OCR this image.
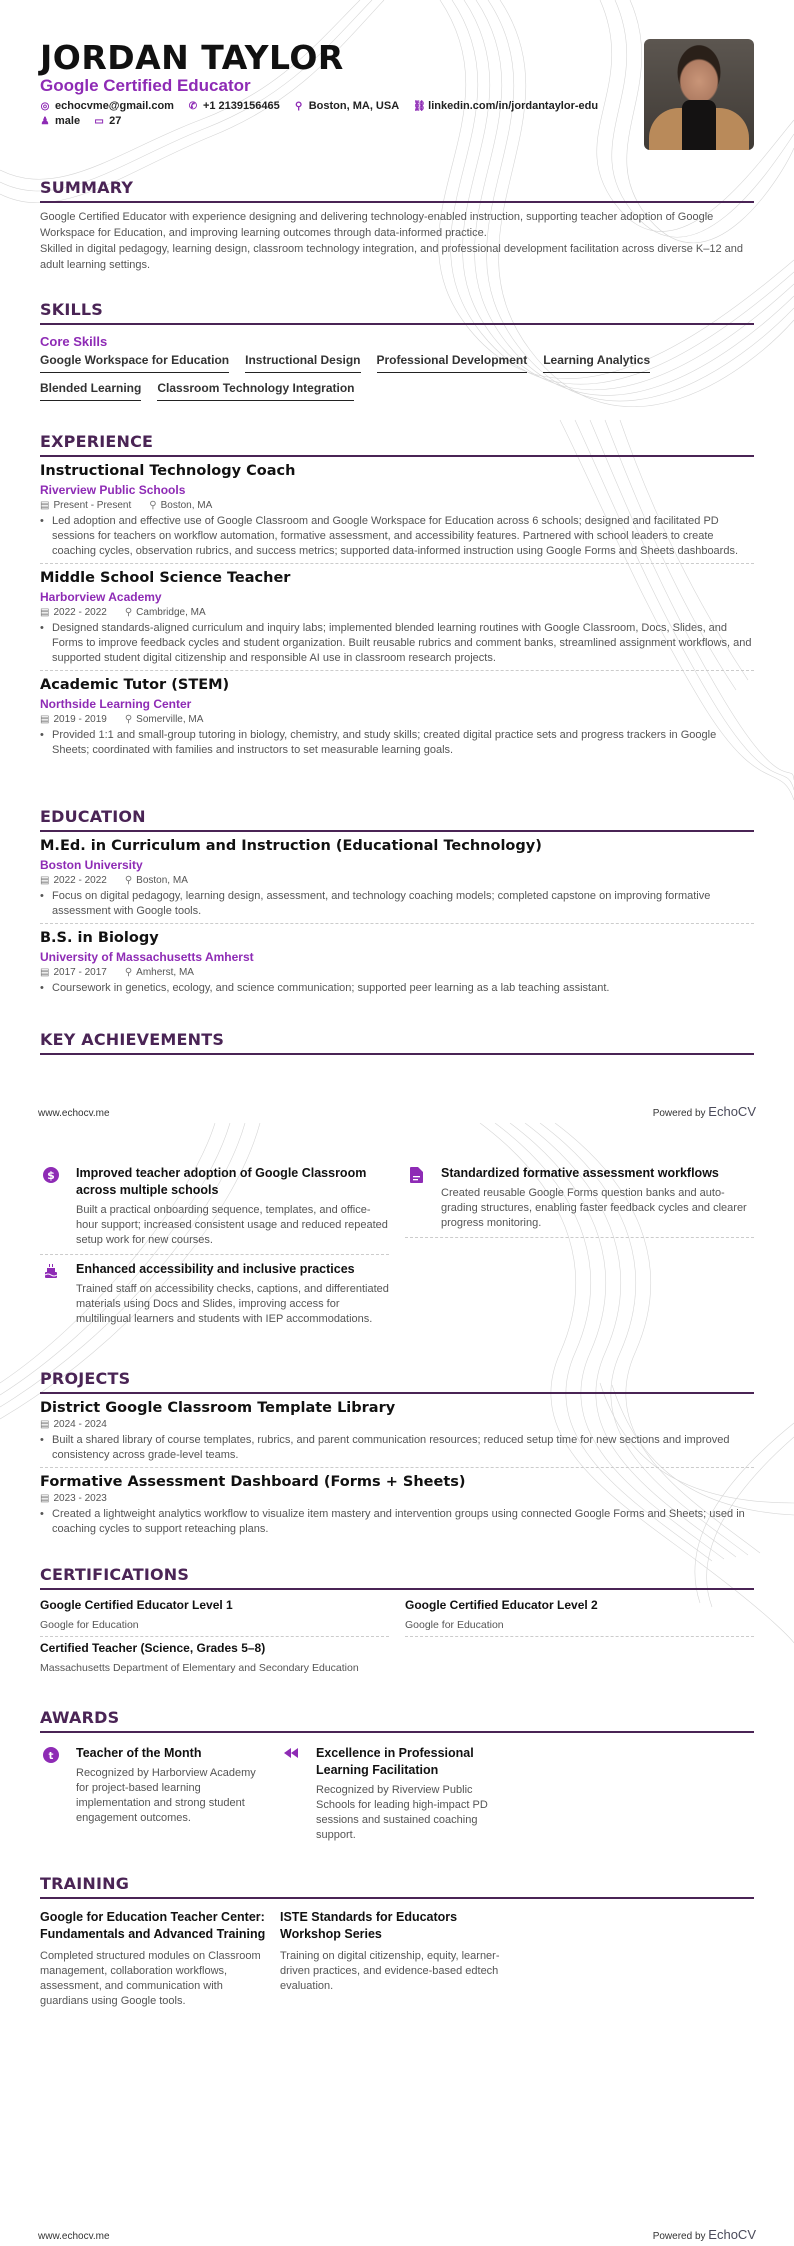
JORDAN TAYLOR
Google Certified Educator
◎ echocvme@gmail.com ✆ +1 2139156465 ⚲ Boston, MA, USA ⛓ linkedin.com/in/jordantaylor-edu
♟ male ▭ 27
SUMMARY

Google Certified Educator with experience designing and delivering technology-enabled instruction, supporting teacher adoption of Google Workspace for Education, and improving learning outcomes through data-informed practice.

Skilled in digital pedagogy, learning design, classroom technology integration, and professional development facilitation across diverse K–12 and adult learning settings.

SKILLS
Core Skills
Google Workspace for Education Instructional Design Professional Development Learning Analytics
Blended Learning Classroom Technology Integration
EXPERIENCE
Instructional Technology Coach
Riverview Public Schools
▤ Present - Present ⚲ Boston, MA
• Led adoption and effective use of Google Classroom and Google Workspace for Education across 6 schools; designed and facilitated PD sessions for teachers on workflow automation, formative assessment, and accessibility features. Partnered with school leaders to create coaching cycles, observation rubrics, and success metrics; supported data-informed instruction using Google Forms and Sheets dashboards.
Middle School Science Teacher
Harborview Academy
▤ 2022 - 2022 ⚲ Cambridge, MA
• Designed standards-aligned curriculum and inquiry labs; implemented blended learning routines with Google Classroom, Docs, Slides, and Forms to improve feedback cycles and student organization. Built reusable rubrics and comment banks, streamlined assignment workflows, and supported student digital citizenship and responsible AI use in classroom research projects.
Academic Tutor (STEM)
Northside Learning Center
▤ 2019 - 2019 ⚲ Somerville, MA
• Provided 1:1 and small-group tutoring in biology, chemistry, and study skills; created digital practice sets and progress trackers in Google Sheets; coordinated with families and instructors to set measurable learning goals.
EDUCATION
M.Ed. in Curriculum and Instruction (Educational Technology)
Boston University
▤ 2022 - 2022 ⚲ Boston, MA
• Focus on digital pedagogy, learning design, assessment, and technology coaching models; completed capstone on improving formative assessment with Google tools.
B.S. in Biology
University of Massachusetts Amherst
▤ 2017 - 2017 ⚲ Amherst, MA
• Coursework in genetics, ecology, and science communication; supported peer learning as a lab teaching assistant.
KEY ACHIEVEMENTS
www.echocv.me	Powered by EchoCV
$ Improved teacher adoption of Google Classroom across multiple schools
Built a practical onboarding sequence, templates, and office-hour support; increased consistent usage and reduced repeated setup work for new courses.
Enhanced accessibility and inclusive practices
Trained staff on accessibility checks, captions, and differentiated materials using Docs and Slides, improving access for multilingual learners and students with IEP accommodations.
Standardized formative assessment workflows
Created reusable Google Forms question banks and auto-grading structures, enabling faster feedback cycles and clearer progress monitoring.
PROJECTS
District Google Classroom Template Library
▤ 2024 - 2024
• Built a shared library of course templates, rubrics, and parent communication resources; reduced setup time for new sections and improved consistency across grade-level teams.
Formative Assessment Dashboard (Forms + Sheets)
▤ 2023 - 2023
• Created a lightweight analytics workflow to visualize item mastery and intervention groups using connected Google Forms and Sheets; used in coaching cycles to support reteaching plans.
CERTIFICATIONS
Google Certified Educator Level 1
Google for Education
Google Certified Educator Level 2
Google for Education
Certified Teacher (Science, Grades 5–8)
Massachusetts Department of Elementary and Secondary Education
AWARDS
t Teacher of the Month
Recognized by Harborview Academy for project-based learning implementation and strong student engagement outcomes.
Excellence in Professional Learning Facilitation
Recognized by Riverview Public Schools for leading high-impact PD sessions and sustained coaching support.
TRAINING
Google for Education Teacher Center: Fundamentals and Advanced Training
Completed structured modules on Classroom management, collaboration workflows, assessment, and communication with guardians using Google tools.
ISTE Standards for Educators Workshop Series
Training on digital citizenship, equity, learner-driven practices, and evidence-based edtech evaluation.
www.echocv.me	Powered by EchoCV
